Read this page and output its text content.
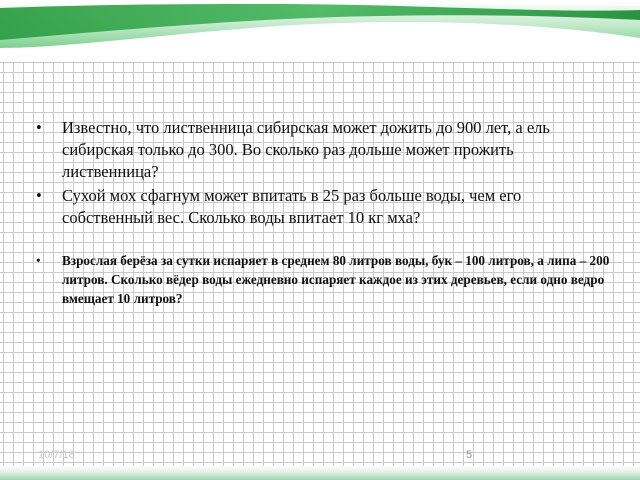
• Известно, что лиственница сибирская может дожить до 900 лет, а ель сибирская только до 300. Во сколько раз дольше может прожить лиственница?
• Сухой мох сфагнум может впитать в 25 раз больше воды, чем его собственный вес. Сколько воды впитает 10 кг мха?
• Взрослая берёза за сутки испаряет в среднем 80 литров воды, бук – 100 литров, а липа – 200 литров. Сколько вёдер воды ежедневно испаряет каждое из этих деревьев, если одно ведро вмещает 10 литров?
10/7/18	5
